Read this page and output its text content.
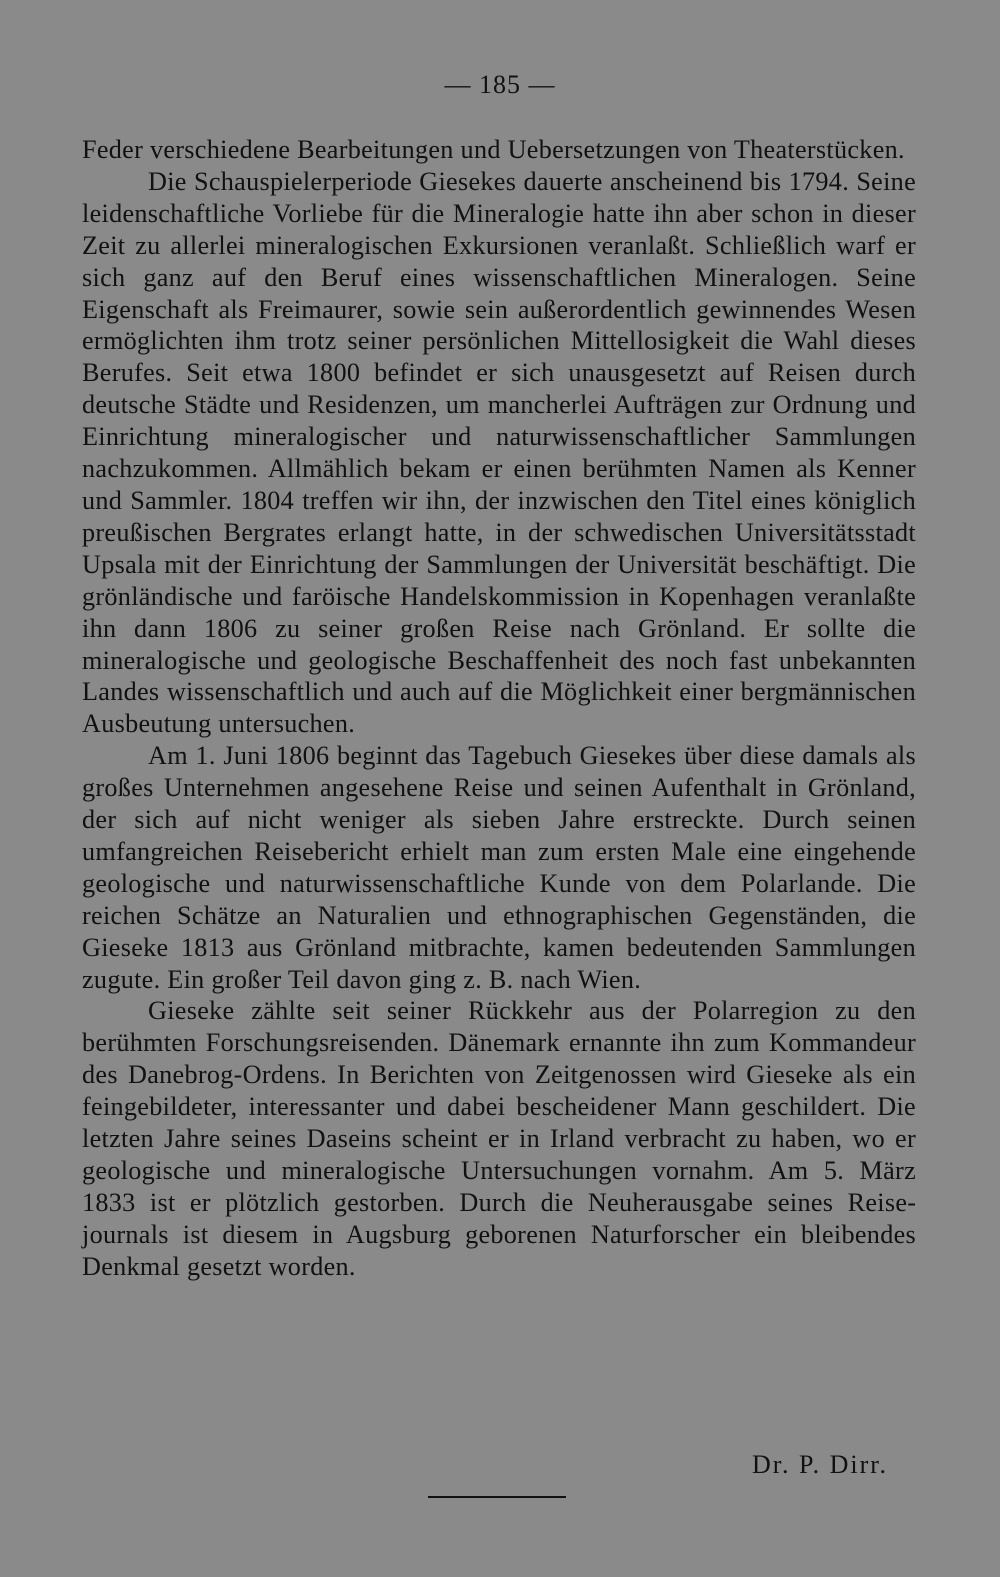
— 185 —

Feder verschiedene Bearbeitungen und Uebersetzungen von Theaterstücken.

Die Schauspielerperiode Giesekes dauerte anscheinend bis 1794. Seine leidenschaftliche Vorliebe für die Mineralogie hatte ihn aber schon in dieser Zeit zu allerlei mineralogischen Exkursionen veranlaßt. Schließlich warf er sich ganz auf den Beruf eines wissenschaftlichen Mineralogen. Seine Eigenschaft als Freimaurer, sowie sein außerordentlich gewinnendes Wesen ermöglichten ihm trotz seiner persönlichen Mittellosigkeit die Wahl dieses Berufes. Seit etwa 1800 befindet er sich unausgesetzt auf Reisen durch deutsche Städte und Residenzen, um mancherlei Aufträgen zur Ordnung und Einrichtung mineralogischer und naturwissenschaftlicher Sammlungen nachzukommen. Allmählich bekam er einen berühmten Namen als Kenner und Sammler. 1804 treffen wir ihn, der inzwischen den Titel eines königlich preußischen Bergrates erlangt hatte, in der schwedischen Universitätsstadt Upsala mit der Einrichtung der Sammlungen der Universität beschäftigt. Die grönländische und faröische Handelskommission in Kopenhagen veranlaßte ihn dann 1806 zu seiner großen Reise nach Grönland. Er sollte die mineralogische und geologische Beschaffenheit des noch fast unbekannten Landes wissenschaftlich und auch auf die Möglichkeit einer bergmännischen Ausbeutung untersuchen.

Am 1. Juni 1806 beginnt das Tagebuch Giesekes über diese damals als großes Unternehmen angesehene Reise und seinen Aufenthalt in Grönland, der sich auf nicht weniger als sieben Jahre erstreckte. Durch seinen umfangreichen Reisebericht erhielt man zum ersten Male eine eingehende geologische und naturwissenschaftliche Kunde von dem Polarlande. Die reichen Schätze an Naturalien und ethnographischen Gegenständen, die Gieseke 1813 aus Grönland mitbrachte, kamen bedeutenden Sammlungen zugute. Ein großer Teil davon ging z. B. nach Wien.

Gieseke zählte seit seiner Rückkehr aus der Polarregion zu den berühmten Forschungsreisenden. Dänemark ernannte ihn zum Kommandeur des Danebrog-Ordens. In Berichten von Zeitgenossen wird Gieseke als ein feingebildeter, interessanter und dabei bescheidener Mann geschildert. Die letzten Jahre seines Daseins scheint er in Irland verbracht zu haben, wo er geologische und mineralogische Untersuchungen vornahm. Am 5. März 1833 ist er plötzlich gestorben. Durch die Neuherausgabe seines Reisejournals ist diesem in Augsburg geborenen Naturforscher ein bleibendes Denkmal gesetzt worden.

Dr. P. Dirr.
